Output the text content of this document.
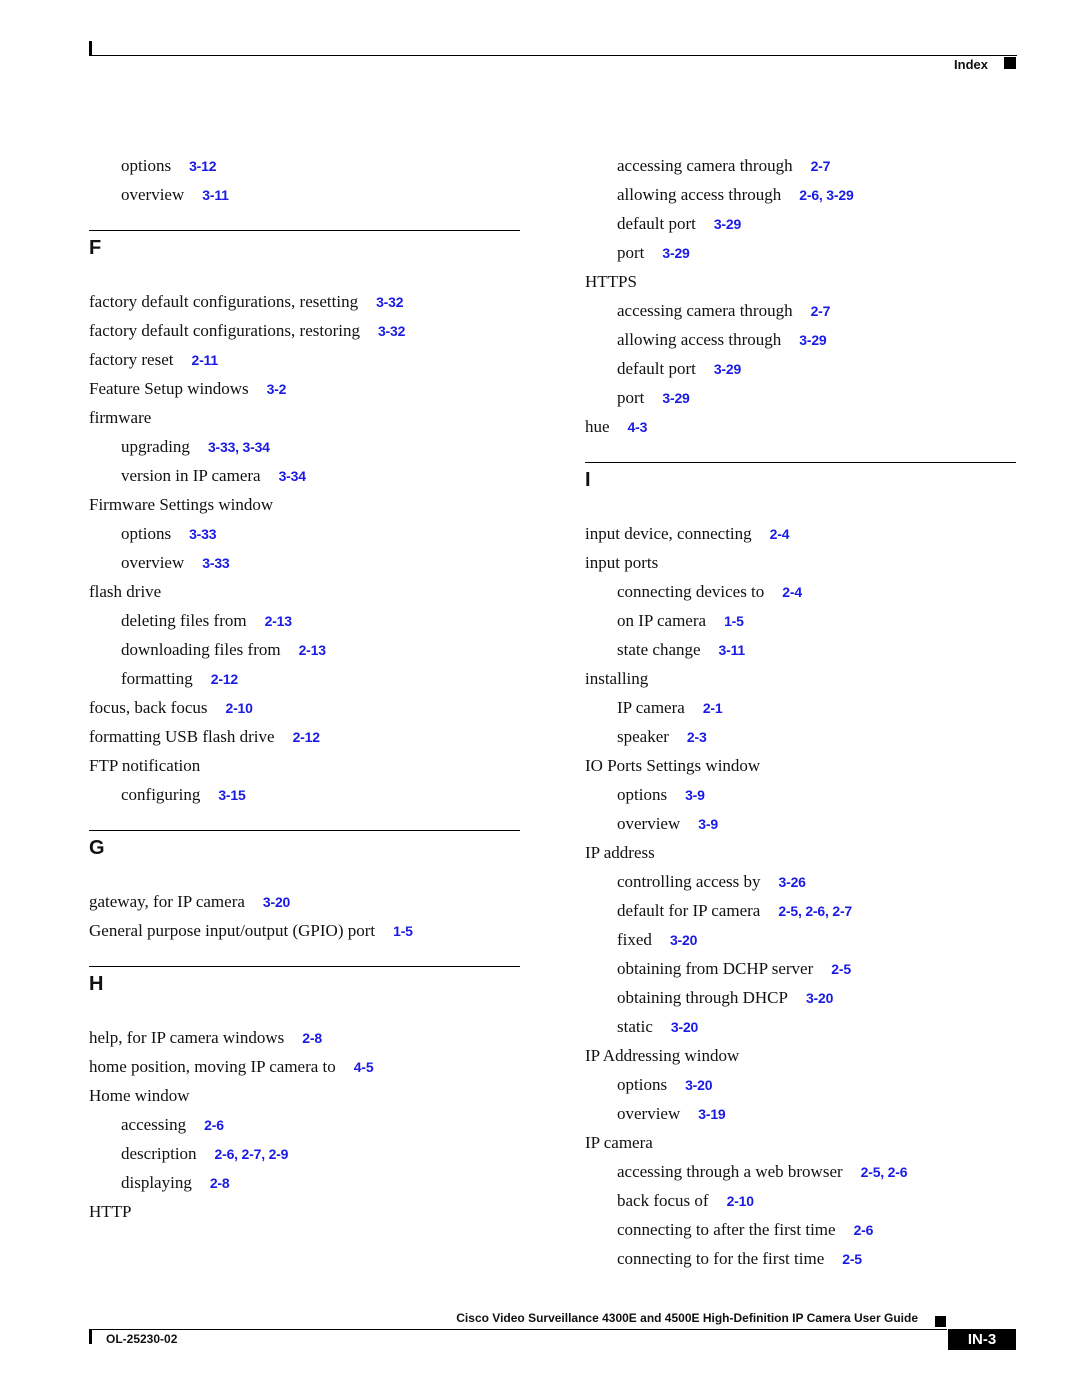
Index
options 3-12
overview 3-11
F
factory default configurations, resetting 3-32
factory default configurations, restoring 3-32
factory reset 2-11
Feature Setup windows 3-2
firmware
upgrading 3-33, 3-34
version in IP camera 3-34
Firmware Settings window
options 3-33
overview 3-33
flash drive
deleting files from 2-13
downloading files from 2-13
formatting 2-12
focus, back focus 2-10
formatting USB flash drive 2-12
FTP notification
configuring 3-15
G
gateway, for IP camera 3-20
General purpose input/output (GPIO) port 1-5
H
help, for IP camera windows 2-8
home position, moving IP camera to 4-5
Home window
accessing 2-6
description 2-6, 2-7, 2-9
displaying 2-8
HTTP
accessing camera through 2-7
allowing access through 2-6, 3-29
default port 3-29
port 3-29
HTTPS
accessing camera through 2-7
allowing access through 3-29
default port 3-29
port 3-29
hue 4-3
I
input device, connecting 2-4
input ports
connecting devices to 2-4
on IP camera 1-5
state change 3-11
installing
IP camera 2-1
speaker 2-3
IO Ports Settings window
options 3-9
overview 3-9
IP address
controlling access by 3-26
default for IP camera 2-5, 2-6, 2-7
fixed 3-20
obtaining from DCHP server 2-5
obtaining through DHCP 3-20
static 3-20
IP Addressing window
options 3-20
overview 3-19
IP camera
accessing through a web browser 2-5, 2-6
back focus of 2-10
connecting to after the first time 2-6
connecting to for the first time 2-5
Cisco Video Surveillance 4300E and 4500E High-Definition IP Camera User Guide
OL-25230-02	IN-3
